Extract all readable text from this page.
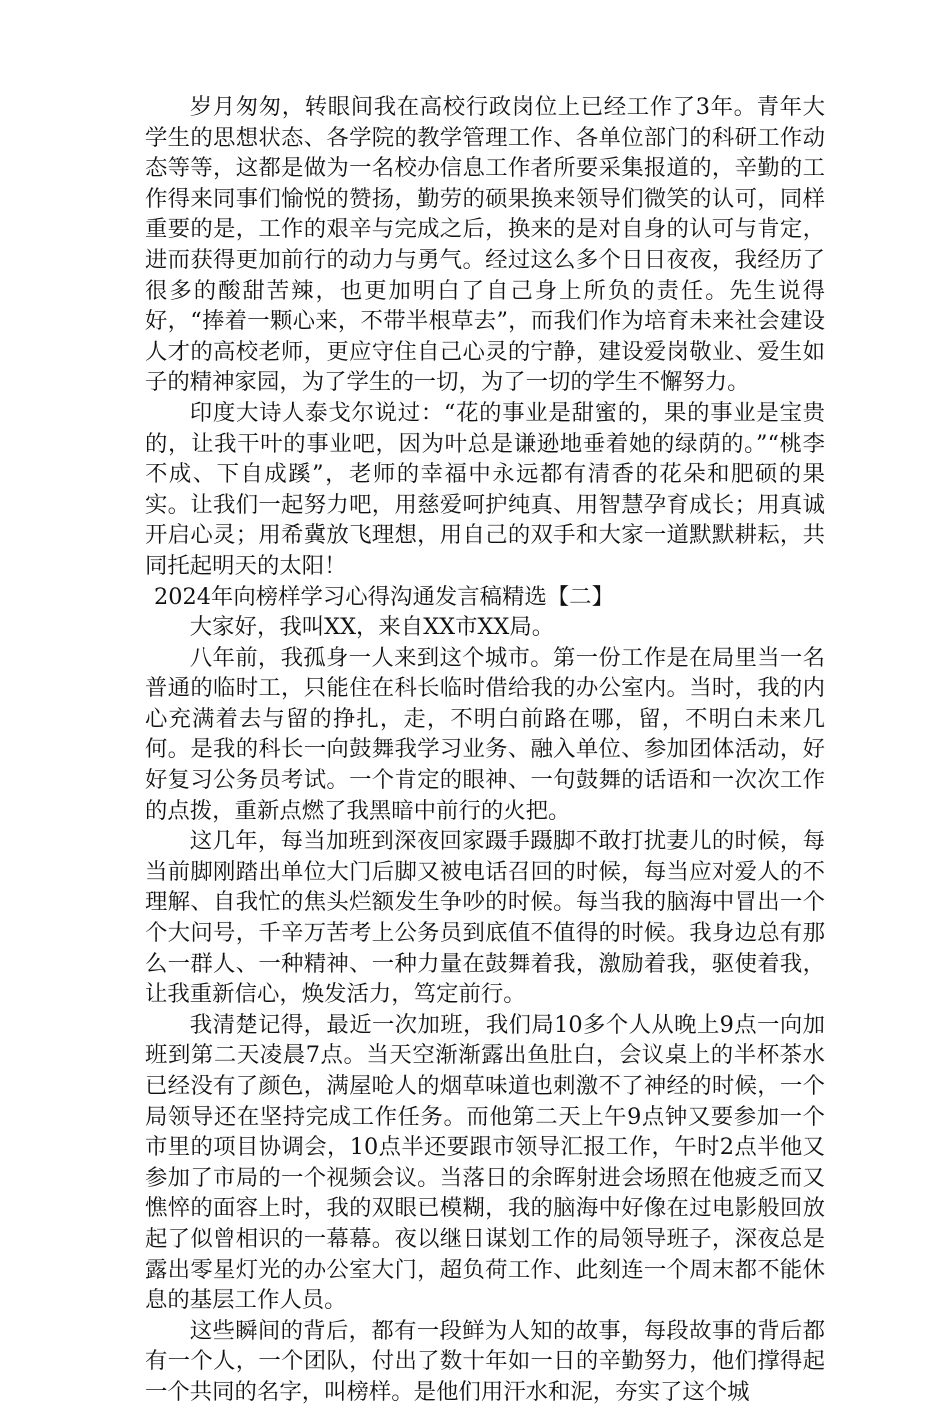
岁月匆匆，转眼间我在高校行政岗位上已经工作了3年。青年大学生的思想状态、各学院的教学管理工作、各单位部门的科研工作动态等等，这都是做为一名校办信息工作者所要采集报道的，辛勤的工作得来同事们愉悦的赞扬，勤劳的硕果换来领导们微笑的认可，同样重要的是，工作的艰辛与完成之后，换来的是对自身的认可与肯定，进而获得更加前行的动力与勇气。经过这么多个日日夜夜，我经历了很多的酸甜苦辣，也更加明白了自己身上所负的责任。先生说得好，“捧着一颗心来，不带半根草去”，而我们作为培育未来社会建设人才的高校老师，更应守住自己心灵的宁静，建设爱岗敬业、爱生如子的精神家园，为了学生的一切，为了一切的学生不懈努力。

印度大诗人泰戈尔说过：“花的事业是甜蜜的，果的事业是宝贵的，让我干叶的事业吧，因为叶总是谦逊地垂着她的绿荫的。”“桃李不成、下自成蹊”，老师的幸福中永远都有清香的花朵和肥硕的果实。让我们一起努力吧，用慈爱呵护纯真、用智慧孕育成长；用真诚开启心灵；用希冀放飞理想，用自己的双手和大家一道默默耕耘，共同托起明天的太阳！

2024年向榜样学习心得沟通发言稿精选【二】

大家好，我叫XX，来自XX市XX局。

八年前，我孤身一人来到这个城市。第一份工作是在局里当一名普通的临时工，只能住在科长临时借给我的办公室内。当时，我的内心充满着去与留的挣扎，走，不明白前路在哪，留，不明白未来几何。是我的科长一向鼓舞我学习业务、融入单位、参加团体活动，好好复习公务员考试。一个肯定的眼神、一句鼓舞的话语和一次次工作的点拨，重新点燃了我黑暗中前行的火把。

这几年，每当加班到深夜回家蹑手蹑脚不敢打扰妻儿的时候，每当前脚刚踏出单位大门后脚又被电话召回的时候，每当应对爱人的不理解、自我忙的焦头烂额发生争吵的时候。每当我的脑海中冒出一个个大问号，千辛万苦考上公务员到底值不值得的时候。我身边总有那么一群人、一种精神、一种力量在鼓舞着我，激励着我，驱使着我，让我重新信心，焕发活力，笃定前行。

我清楚记得，最近一次加班，我们局10多个人从晚上9点一向加班到第二天凌晨7点。当天空渐渐露出鱼肚白，会议桌上的半杯茶水已经没有了颜色，满屋呛人的烟草味道也刺激不了神经的时候，一个局领导还在坚持完成工作任务。而他第二天上午9点钟又要参加一个市里的项目协调会，10点半还要跟市领导汇报工作，午时2点半他又参加了市局的一个视频会议。当落日的余晖射进会场照在他疲乏而又憔悴的面容上时，我的双眼已模糊，我的脑海中好像在过电影般回放起了似曾相识的一幕幕。夜以继日谋划工作的局领导班子，深夜总是露出零星灯光的办公室大门，超负荷工作、此刻连一个周末都不能休息的基层工作人员。

这些瞬间的背后，都有一段鲜为人知的故事，每段故事的背后都有一个人，一个团队，付出了数十年如一日的辛勤努力，他们撑得起一个共同的名字，叫榜样。是他们用汗水和泥，夯实了这个城
